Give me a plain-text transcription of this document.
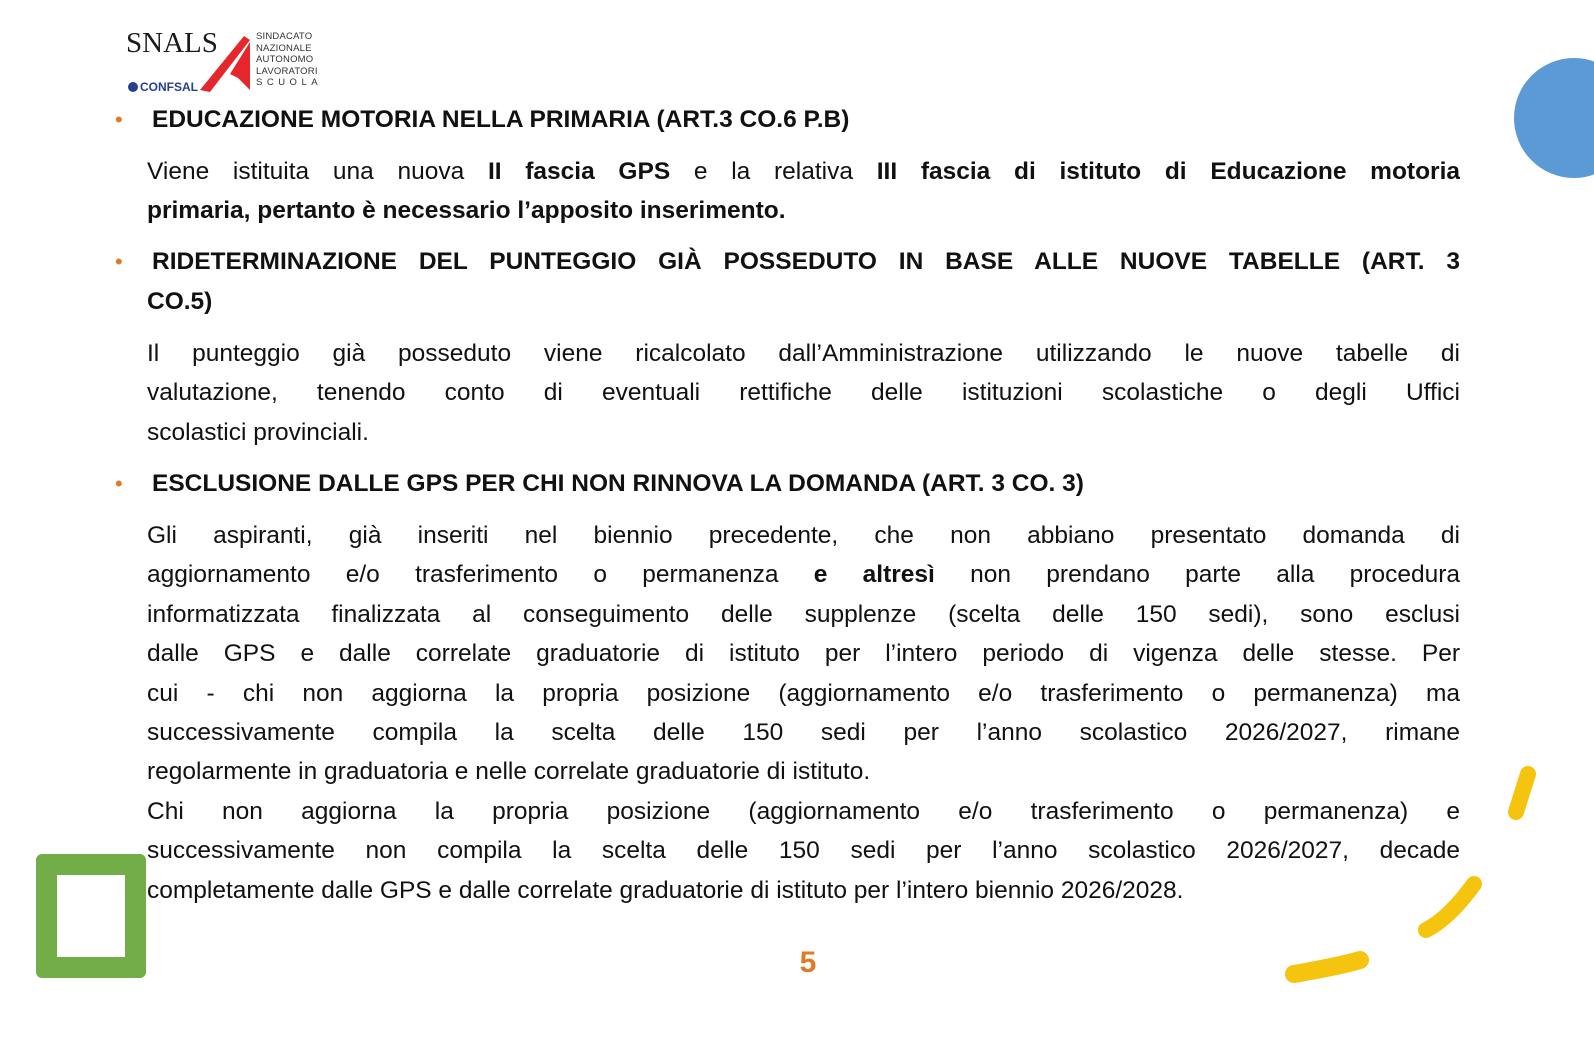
SNALS
CONFSAL
SINDACATO
NAZIONALE
AUTONOMO
LAVORATORI
SCUOLA
• EDUCAZIONE MOTORIA NELLA PRIMARIA (ART.3 CO.6 P.B)
Viene istituita una nuova II fascia GPS e la relativa III fascia di istituto di Educazione motoria
primaria, pertanto è necessario l’apposito inserimento.
• RIDETERMINAZIONE DEL PUNTEGGIO GIÀ POSSEDUTO IN BASE ALLE NUOVE TABELLE (ART. 3
CO.5)
Il punteggio già posseduto viene ricalcolato dall’Amministrazione utilizzando le nuove tabelle di
valutazione, tenendo conto di eventuali rettifiche delle istituzioni scolastiche o degli Uffici
scolastici provinciali.
• ESCLUSIONE DALLE GPS PER CHI NON RINNOVA LA DOMANDA (ART. 3 CO. 3)
Gli aspiranti, già inseriti nel biennio precedente, che non abbiano presentato domanda di
aggiornamento e/o trasferimento o permanenza e altresì non prendano parte alla procedura
informatizzata finalizzata al conseguimento delle supplenze (scelta delle 150 sedi), sono esclusi
dalle GPS e dalle correlate graduatorie di istituto per l’intero periodo di vigenza delle stesse. Per
cui - chi non aggiorna la propria posizione (aggiornamento e/o trasferimento o permanenza) ma
successivamente compila la scelta delle 150 sedi per l’anno scolastico 2026/2027, rimane
regolarmente in graduatoria e nelle correlate graduatorie di istituto.
Chi non aggiorna la propria posizione (aggiornamento e/o trasferimento o permanenza) e
successivamente non compila la scelta delle 150 sedi per l’anno scolastico 2026/2027, decade
completamente dalle GPS e dalle correlate graduatorie di istituto per l’intero biennio 2026/2028.
5
